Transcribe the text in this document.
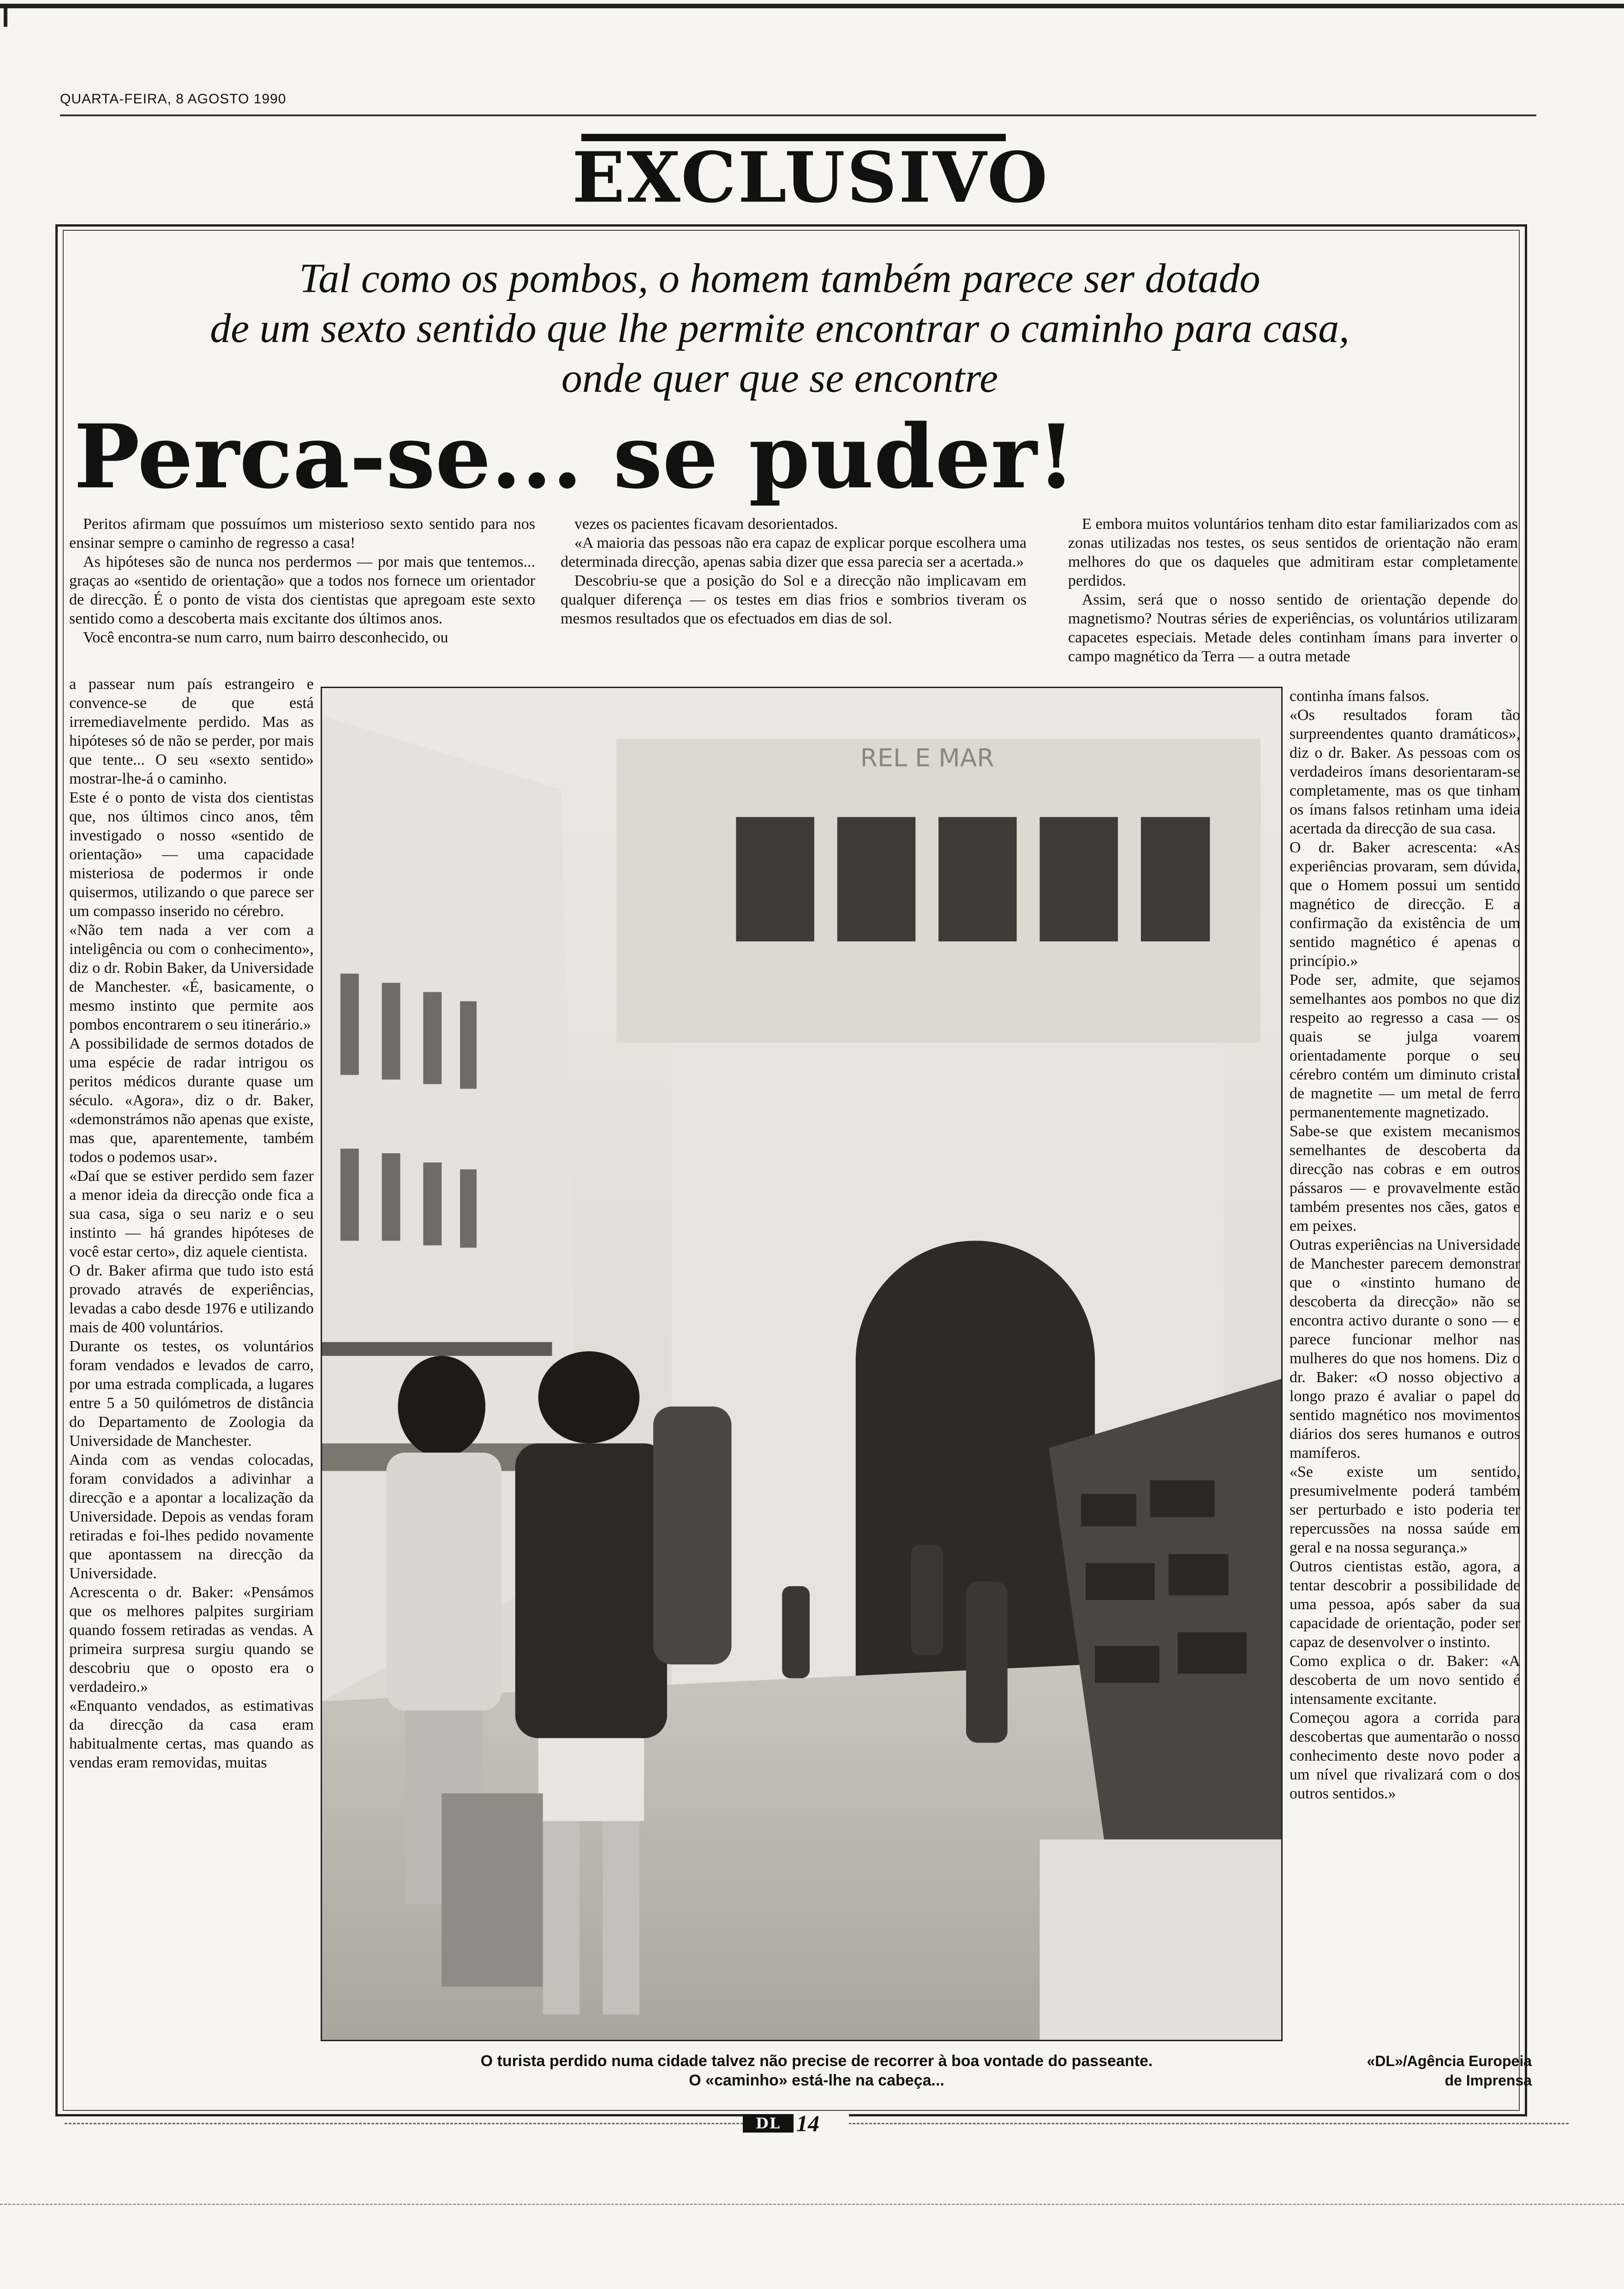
QUARTA-FEIRA, 8 AGOSTO 1990
EXCLUSIVO
Tal como os pombos, o homem também parece ser dotado
de um sexto sentido que lhe permite encontrar o caminho para casa,
onde quer que se encontre
Perca-se... se puder!

Peritos afirmam que possuímos um misterioso sexto sentido para nos ensinar sempre o caminho de regresso a casa!

As hipóteses são de nunca nos perdermos — por mais que tentemos... graças ao «sentido de orientação» que a todos nos fornece um orientador de direcção. É o ponto de vista dos cientistas que apregoam este sexto sentido como a descoberta mais excitante dos últimos anos.

Você encontra-se num carro, num bairro desconhecido, ou

a passear num país estrangeiro e convence-se de que está irremediavelmente perdido. Mas as hipóteses só de não se perder, por mais que tente... O seu «sexto sentido» mostrar-lhe-á o caminho.

Este é o ponto de vista dos cientistas que, nos últimos cinco anos, têm investigado o nosso «sentido de orientação» — uma capacidade misteriosa de podermos ir onde quisermos, utilizando o que parece ser um compasso inserido no cérebro.

«Não tem nada a ver com a inteligência ou com o conhecimento», diz o dr. Robin Baker, da Universidade de Manchester. «É, basicamente, o mesmo instinto que permite aos pombos encontrarem o seu itinerário.»

A possibilidade de sermos dotados de uma espécie de radar intrigou os peritos médicos durante quase um século. «Agora», diz o dr. Baker, «demonstrámos não apenas que existe, mas que, aparentemente, também todos o podemos usar».

«Daí que se estiver perdido sem fazer a menor ideia da direcção onde fica a sua casa, siga o seu nariz e o seu instinto — há grandes hipóteses de você estar certo», diz aquele cientista.

O dr. Baker afirma que tudo isto está provado através de experiências, levadas a cabo desde 1976 e utilizando mais de 400 voluntários.

Durante os testes, os voluntários foram vendados e levados de carro, por uma estrada complicada, a lugares entre 5 a 50 quilómetros de distância do Departamento de Zoologia da Universidade de Manchester.

Ainda com as vendas colocadas, foram convidados a adivinhar a direcção e a apontar a localização da Universidade. Depois as vendas foram retiradas e foi-lhes pedido novamente que apontassem na direcção da Universidade.

Acrescenta o dr. Baker: «Pensámos que os melhores palpites surgiriam quando fossem retiradas as vendas. A primeira surpresa surgiu quando se descobriu que o oposto era o verdadeiro.»

«Enquanto vendados, as estimativas da direcção da casa eram habitualmente certas, mas quando as vendas eram removidas, muitas

vezes os pacientes ficavam desorientados.

«A maioria das pessoas não era capaz de explicar porque escolhera uma determinada direcção, apenas sabia dizer que essa parecia ser a acertada.»

Descobriu-se que a posição do Sol e a direcção não implicavam em qualquer diferença — os testes em dias frios e sombrios tiveram os mesmos resultados que os efectuados em dias de sol.

E embora muitos voluntários tenham dito estar familiarizados com as zonas utilizadas nos testes, os seus sentidos de orientação não eram melhores do que os daqueles que admitiram estar completamente perdidos.

Assim, será que o nosso sentido de orientação depende do magnetismo? Noutras séries de experiências, os voluntários utilizaram capacetes especiais. Metade deles continham ímans para inverter o campo magnético da Terra — a outra metade

continha ímans falsos.

«Os resultados foram tão surpreendentes quanto dramáticos», diz o dr. Baker. As pessoas com os verdadeiros ímans desorientaram-se completamente, mas os que tinham os ímans falsos retinham uma ideia acertada da direcção de sua casa.

O dr. Baker acrescenta: «As experiências provaram, sem dúvida, que o Homem possui um sentido magnético de direcção. E a confirmação da existência de um sentido magnético é apenas o princípio.»

Pode ser, admite, que sejamos semelhantes aos pombos no que diz respeito ao regresso a casa — os quais se julga voarem orientadamente porque o seu cérebro contém um diminuto cristal de magnetite — um metal de ferro permanentemente magnetizado.

Sabe-se que existem mecanismos semelhantes de descoberta da direcção nas cobras e em outros pássaros — e provavelmente estão também presentes nos cães, gatos e em peixes.

Outras experiências na Universidade de Manchester parecem demonstrar que o «instinto humano de descoberta da direcção» não se encontra activo durante o sono — e parece funcionar melhor nas mulheres do que nos homens. Diz o dr. Baker: «O nosso objectivo a longo prazo é avaliar o papel do sentido magnético nos movimentos diários dos seres humanos e outros mamíferos.

«Se existe um sentido, presumivelmente poderá também ser perturbado e isto poderia ter repercussões na nossa saúde em geral e na nossa segurança.»

Outros cientistas estão, agora, a tentar descobrir a possibilidade de uma pessoa, após saber da sua capacidade de orientação, poder ser capaz de desenvolver o instinto.

Como explica o dr. Baker: «A descoberta de um novo sentido é intensamente excitante.

Começou agora a corrida para descobertas que aumentarão o nosso conhecimento deste novo poder a um nível que rivalizará com o dos outros sentidos.»

REL E MAR
O turista perdido numa cidade talvez não precise de recorrer à boa vontade do passeante.
O «caminho» está-lhe na cabeça...
«DL»/Agência Europeia
de Imprensa
DL 14
